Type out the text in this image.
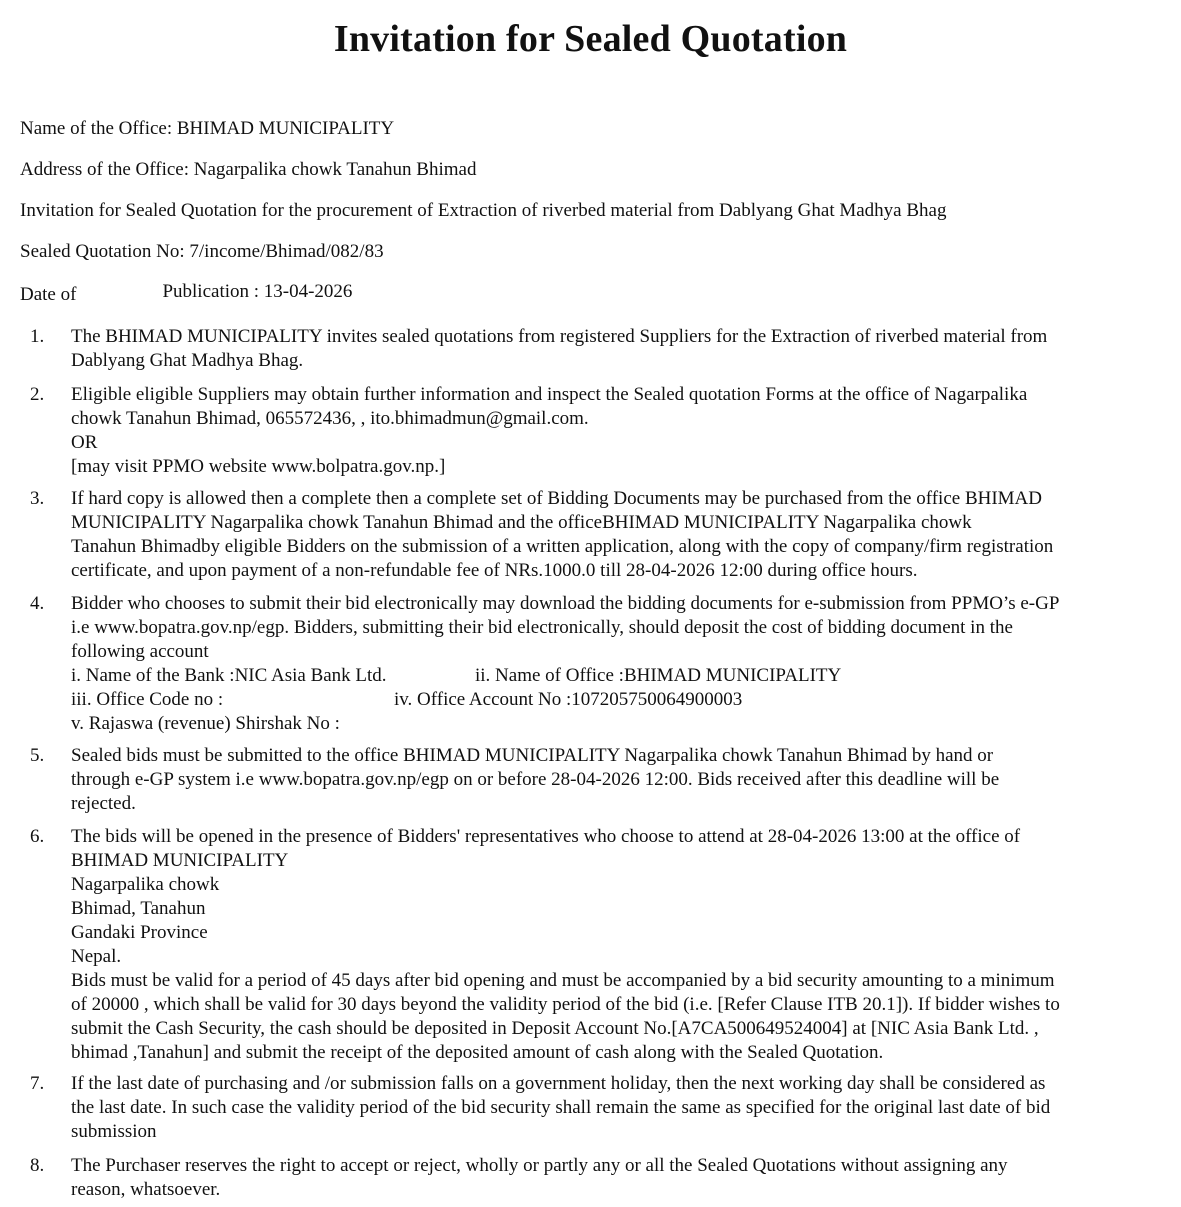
Invitation for Sealed Quotation
Name of the Office: BHIMAD MUNICIPALITY
Address of the Office: Nagarpalika chowk Tanahun Bhimad
Invitation for Sealed Quotation for the procurement of Extraction of riverbed material from Dablyang Ghat Madhya Bhag
Sealed Quotation No: 7/income/Bhimad/082/83
Date of	Publication : 13-04-2026
1.	The BHIMAD MUNICIPALITY invites sealed quotations from registered Suppliers for the Extraction of riverbed material from

Dablyang Ghat Madhya Bhag.

2.	Eligible eligible Suppliers may obtain further information and inspect the Sealed quotation Forms at the office of Nagarpalika

chowk Tanahun Bhimad, 065572436, , ito.bhimadmun@gmail.com.

OR

[may visit PPMO website www.bolpatra.gov.np.]

3.	If hard copy is allowed then a complete then a complete set of Bidding Documents may be purchased from the office BHIMAD

MUNICIPALITY Nagarpalika chowk Tanahun Bhimad and the officeBHIMAD MUNICIPALITY Nagarpalika chowk

Tanahun Bhimadby eligible Bidders on the submission of a written application, along with the copy of company/firm registration

certificate, and upon payment of a non-refundable fee of NRs.1000.0 till 28-04-2026 12:00 during office hours.

4.	Bidder who chooses to submit their bid electronically may download the bidding documents for e-submission from PPMO’s e-GP

i.e www.bopatra.gov.np/egp. Bidders, submitting their bid electronically, should deposit the cost of bidding document in the

following account

i. Name of the Bank :NIC Asia Bank Ltd.	ii. Name of Office :BHIMAD MUNICIPALITY
iii. Office Code no :	iv. Office Account No :107205750064900003
v. Rajaswa (revenue) Shirshak No :
5.	Sealed bids must be submitted to the office BHIMAD MUNICIPALITY Nagarpalika chowk Tanahun Bhimad by hand or

through e-GP system i.e www.bopatra.gov.np/egp on or before 28-04-2026 12:00. Bids received after this deadline will be

rejected.

6.	The bids will be opened in the presence of Bidders' representatives who choose to attend at 28-04-2026 13:00 at the office of

BHIMAD MUNICIPALITY

Nagarpalika chowk

Bhimad, Tanahun

Gandaki Province

Nepal.

Bids must be valid for a period of 45 days after bid opening and must be accompanied by a bid security amounting to a minimum

of 20000 , which shall be valid for 30 days beyond the validity period of the bid (i.e. [Refer Clause ITB 20.1]). If bidder wishes to

submit the Cash Security, the cash should be deposited in Deposit Account No.[A7CA500649524004] at [NIC Asia Bank Ltd. ,

bhimad ,Tanahun] and submit the receipt of the deposited amount of cash along with the Sealed Quotation.

7.	If the last date of purchasing and /or submission falls on a government holiday, then the next working day shall be considered as

the last date. In such case the validity period of the bid security shall remain the same as specified for the original last date of bid

submission

8.	The Purchaser reserves the right to accept or reject, wholly or partly any or all the Sealed Quotations without assigning any

reason, whatsoever.
